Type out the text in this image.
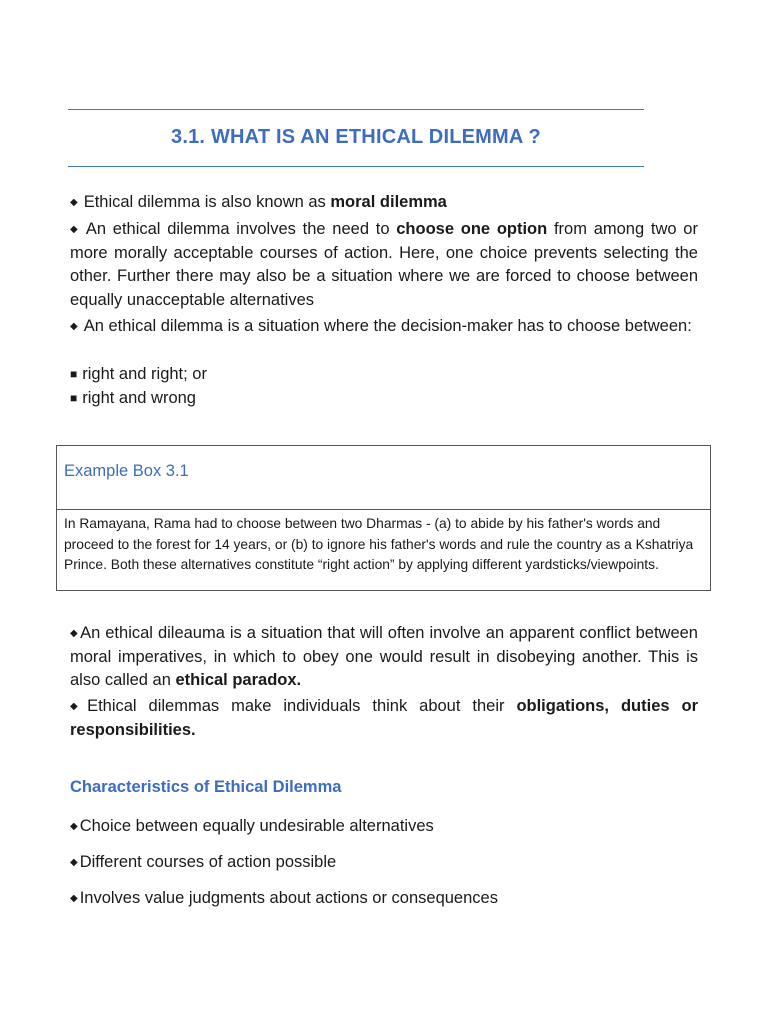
3.1. WHAT IS AN ETHICAL DILEMMA ?

◆ Ethical dilemma is also known as moral dilemma

◆ An ethical dilemma involves the need to choose one option from among two or more morally acceptable courses of action. Here, one choice prevents selecting the other. Further there may also be a situation where we are forced to choose between equally unacceptable alternatives

◆ An ethical dilemma is a situation where the decision-maker has to choose between:

■ right and right; or

■ right and wrong

Example Box 3.1
In Ramayana, Rama had to choose between two Dharmas - (a) to abide by his father's words and proceed to the forest for 14 years, or (b) to ignore his father's words and rule the country as a Kshatriya Prince. Both these alternatives constitute “right action” by applying different yardsticks/viewpoints.

◆ An ethical dileauma is a situation that will often involve an apparent conflict between moral imperatives, in which to obey one would result in disobeying another. This is also called an ethical paradox.

◆ Ethical dilemmas make individuals think about their obligations, duties or responsibilities.

Characteristics of Ethical Dilemma

◆ Choice between equally undesirable alternatives

◆ Different courses of action possible

◆ Involves value judgments about actions or consequences
